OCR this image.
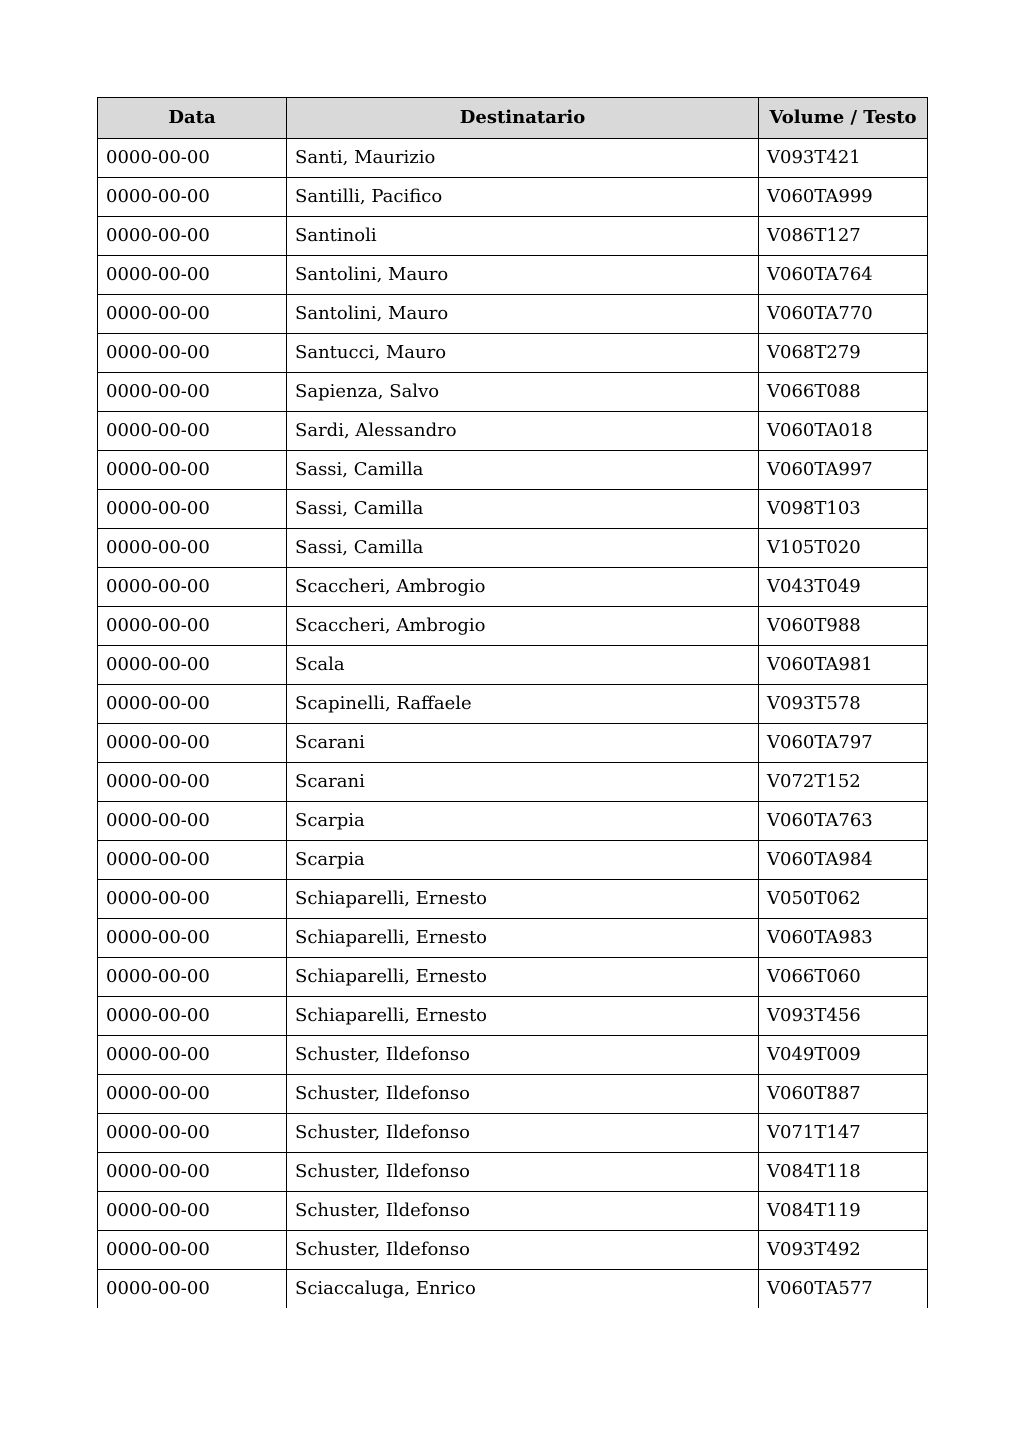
Data	Destinatario	Volume / Testo
0000-00-00	Santi, Maurizio	V093T421
0000-00-00	Santilli, Pacifico	V060TA999
0000-00-00	Santinoli	V086T127
0000-00-00	Santolini, Mauro	V060TA764
0000-00-00	Santolini, Mauro	V060TA770
0000-00-00	Santucci, Mauro	V068T279
0000-00-00	Sapienza, Salvo	V066T088
0000-00-00	Sardi, Alessandro	V060TA018
0000-00-00	Sassi, Camilla	V060TA997
0000-00-00	Sassi, Camilla	V098T103
0000-00-00	Sassi, Camilla	V105T020
0000-00-00	Scaccheri, Ambrogio	V043T049
0000-00-00	Scaccheri, Ambrogio	V060T988
0000-00-00	Scala	V060TA981
0000-00-00	Scapinelli, Raffaele	V093T578
0000-00-00	Scarani	V060TA797
0000-00-00	Scarani	V072T152
0000-00-00	Scarpia	V060TA763
0000-00-00	Scarpia	V060TA984
0000-00-00	Schiaparelli, Ernesto	V050T062
0000-00-00	Schiaparelli, Ernesto	V060TA983
0000-00-00	Schiaparelli, Ernesto	V066T060
0000-00-00	Schiaparelli, Ernesto	V093T456
0000-00-00	Schuster, Ildefonso	V049T009
0000-00-00	Schuster, Ildefonso	V060T887
0000-00-00	Schuster, Ildefonso	V071T147
0000-00-00	Schuster, Ildefonso	V084T118
0000-00-00	Schuster, Ildefonso	V084T119
0000-00-00	Schuster, Ildefonso	V093T492
0000-00-00	Sciaccaluga, Enrico	V060TA577
